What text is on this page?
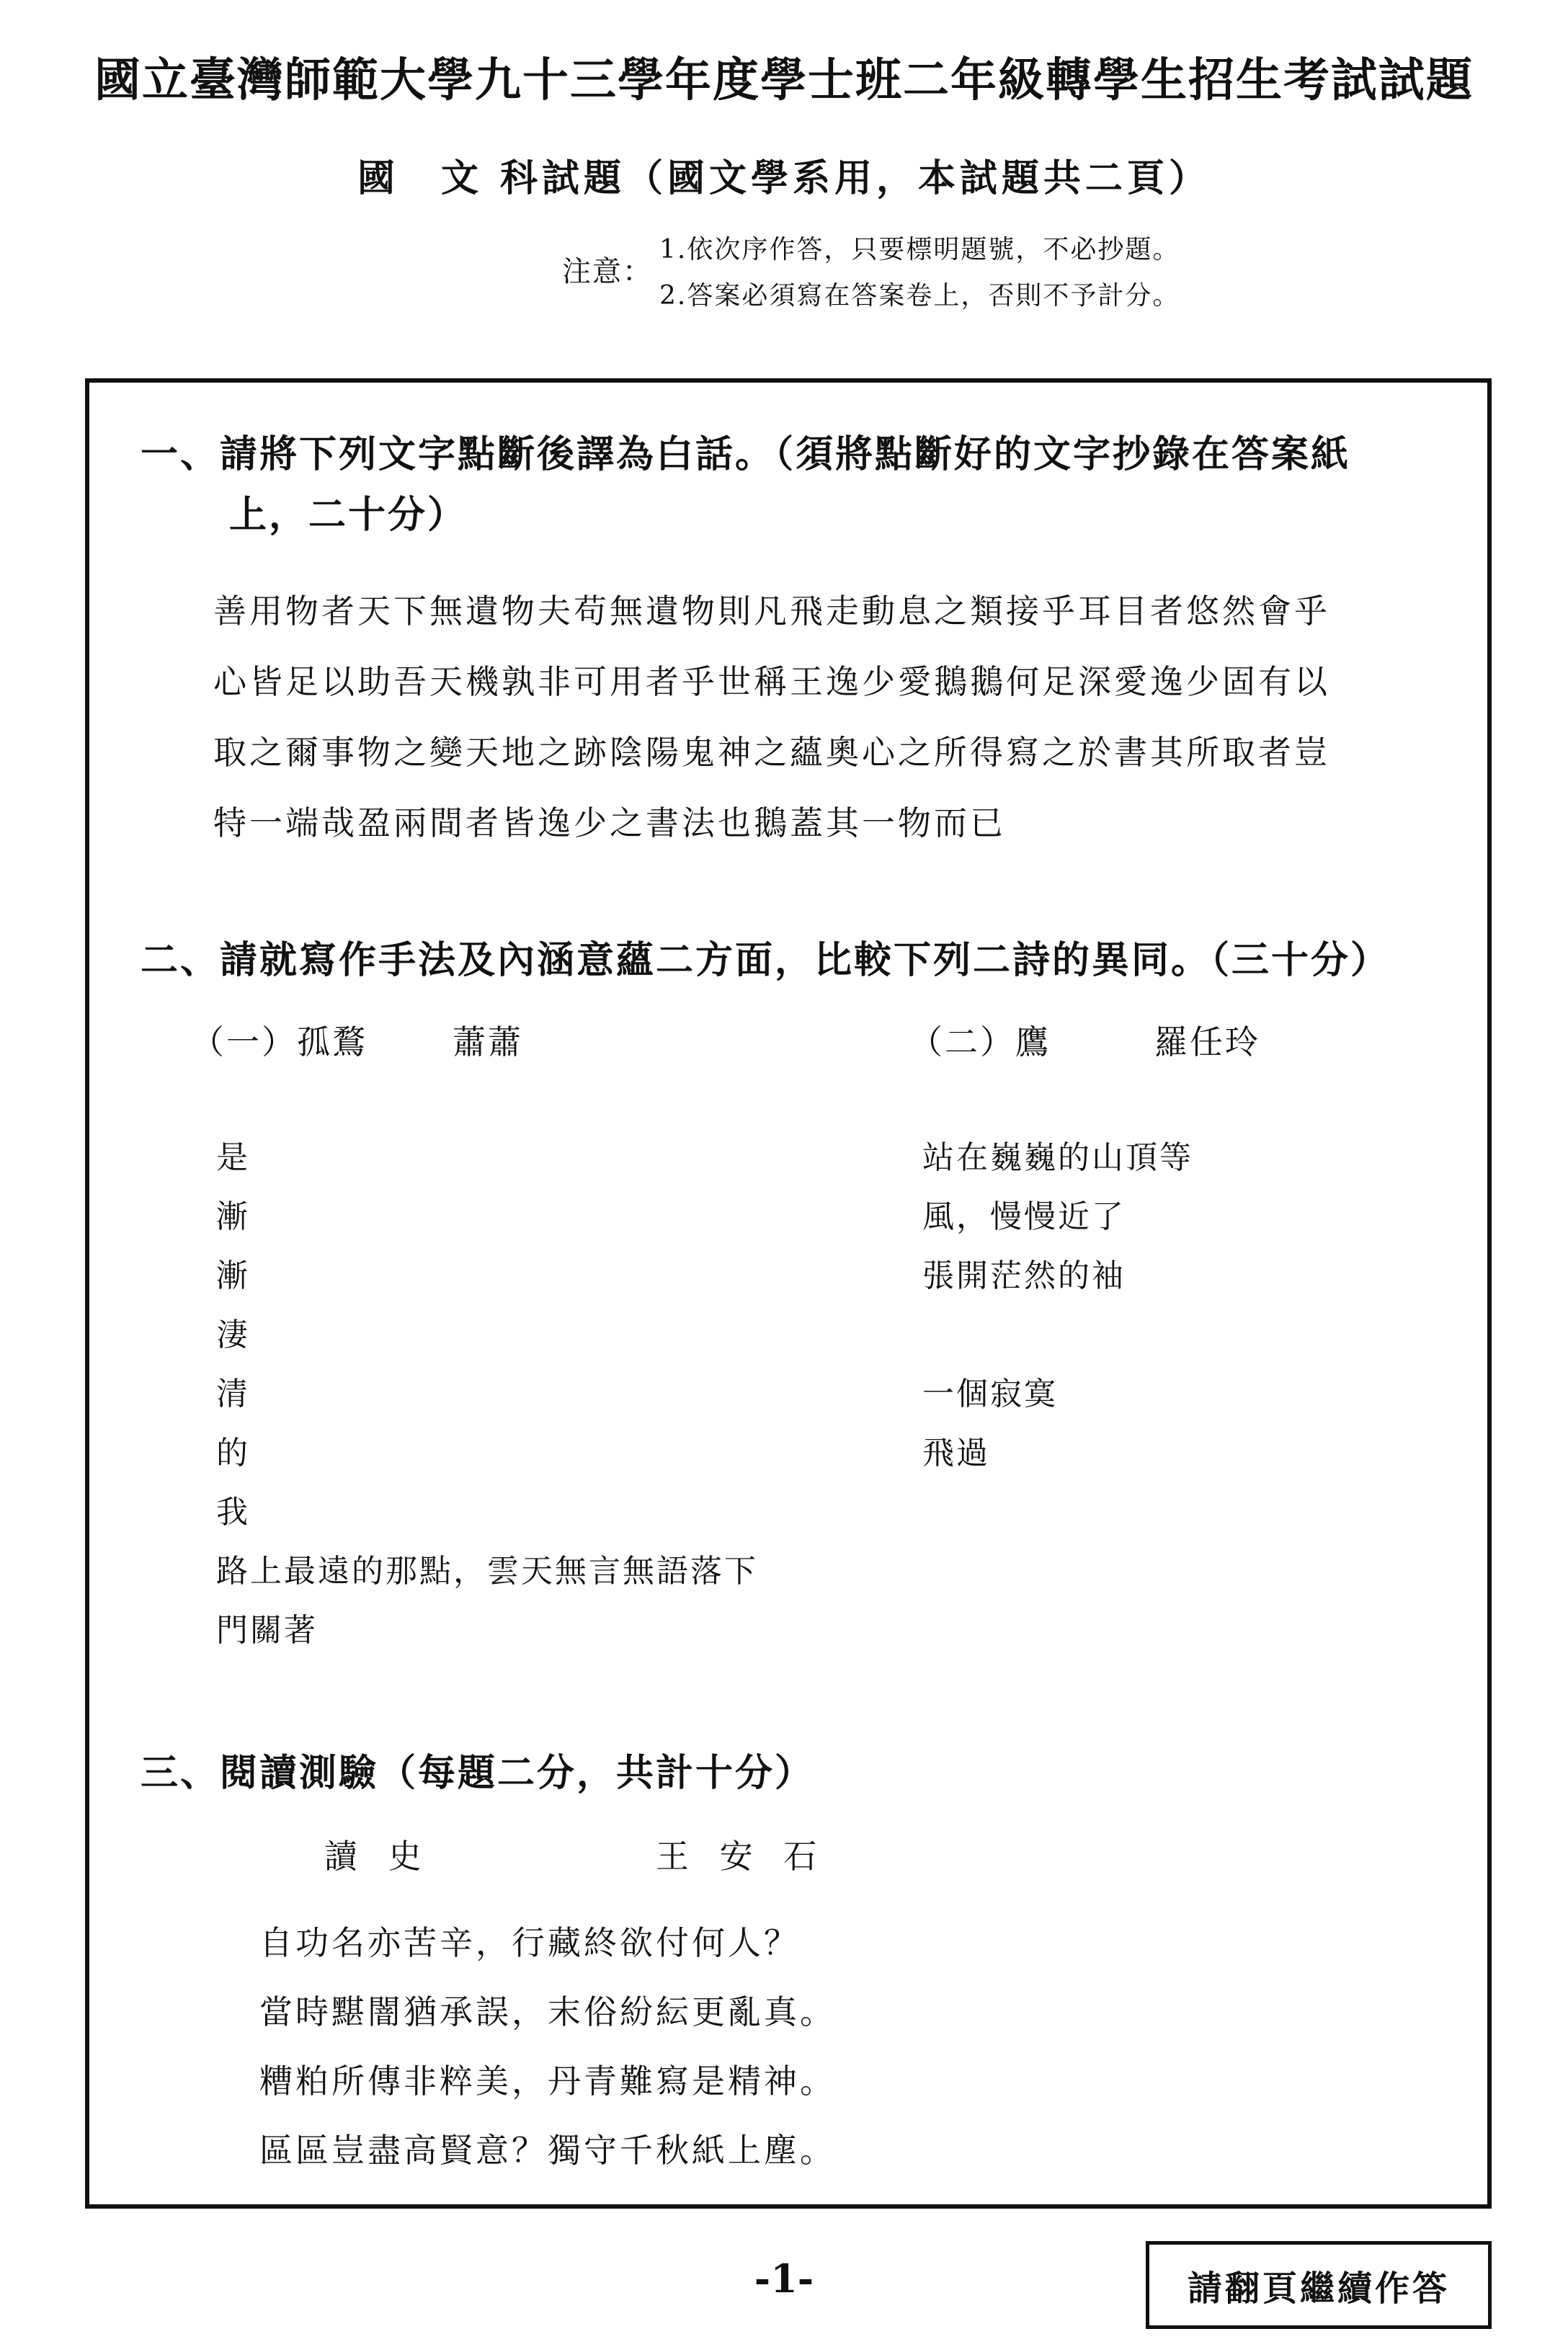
國立臺灣師範大學九十三學年度學士班二年級轉學生招生考試試題
國　文 科試題（國文學系用，本試題共二頁）
注意：
1.依次序作答，只要標明題號，不必抄題。
2.答案必須寫在答案卷上，否則不予計分。
一、請將下列文字點斷後譯為白話。（須將點斷好的文字抄錄在答案紙
上，二十分）
善用物者天下無遺物夫苟無遺物則凡飛走動息之類接乎耳目者悠然會乎
心皆足以助吾天機孰非可用者乎世稱王逸少愛鵝鵝何足深愛逸少固有以
取之爾事物之變天地之跡陰陽鬼神之蘊奧心之所得寫之於書其所取者豈
特一端哉盈兩間者皆逸少之書法也鵝蓋其一物而已
二、請就寫作手法及內涵意蘊二方面，比較下列二詩的異同。（三十分）
（一）孤鶩	蕭蕭	（二）鷹	羅任玲
是
漸
漸
淒
清
的
我
路上最遠的那點，雲天無言無語落下
門關著
站在巍巍的山頂等
風，慢慢近了
張開茫然的袖
一個寂寞
飛過
三、閱讀測驗（每題二分，共計十分）
讀 史	王 安 石
自功名亦苦辛，行藏終欲付何人？
當時黮闇猶承誤，末俗紛紜更亂真。
糟粕所傳非粹美，丹青難寫是精神。
區區豈盡高賢意？獨守千秋紙上塵。
-1-	請翻頁繼續作答
